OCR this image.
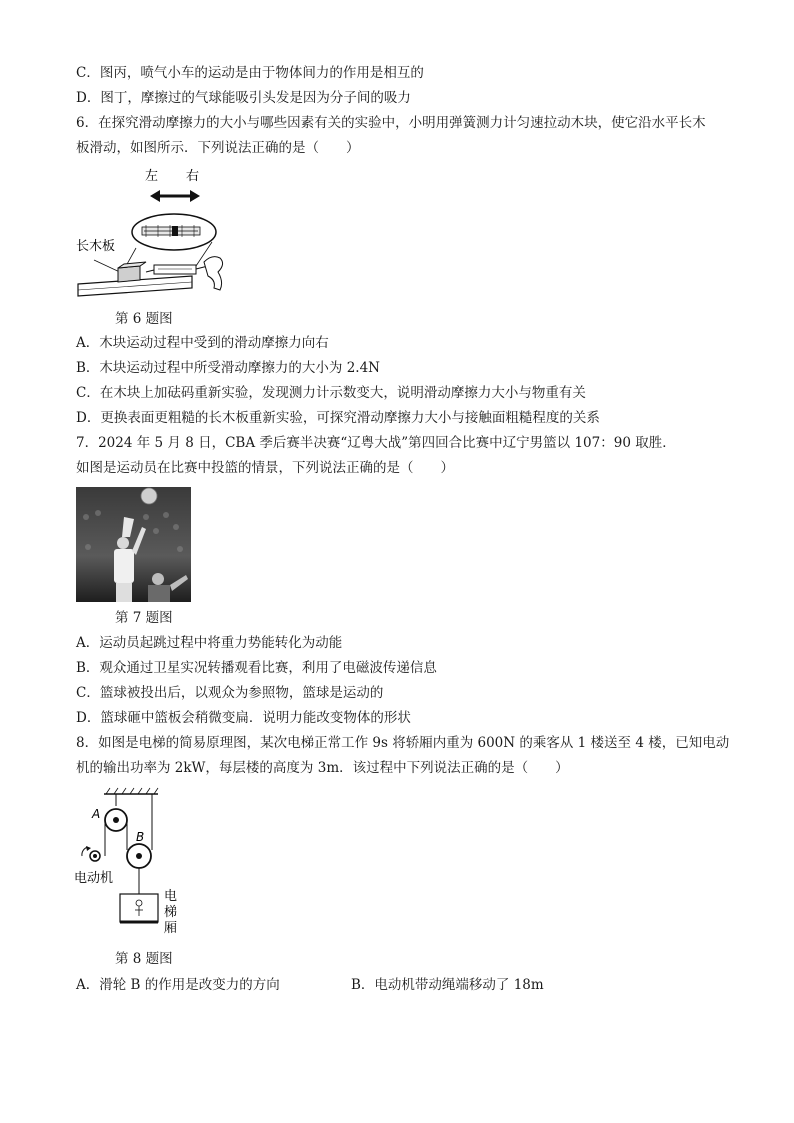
C．图丙，喷气小车的运动是由于物体间力的作用是相互的
D．图丁，摩擦过的气球能吸引头发是因为分子间的吸力
6．在探究滑动摩擦力的大小与哪些因素有关的实验中，小明用弹簧测力计匀速拉动木块，使它沿水平长木
板滑动，如图所示．下列说法正确的是（　　）
左 右
长木板
第 6 题图
A．木块运动过程中受到的滑动摩擦力向右
B．木块运动过程中所受滑动摩擦力的大小为 2.4N
C．在木块上加砝码重新实验，发现测力计示数变大，说明滑动摩擦力大小与物重有关
D．更换表面更粗糙的长木板重新实验，可探究滑动摩擦力大小与接触面粗糙程度的关系
7．2024 年 5 月 8 日，CBA 季后赛半决赛“辽粤大战”第四回合比赛中辽宁男篮以 107：90 取胜．
如图是运动员在比赛中投篮的情景，下列说法正确的是（　　）
第 7 题图
A．运动员起跳过程中将重力势能转化为动能
B．观众通过卫星实况转播观看比赛，利用了电磁波传递信息
C．篮球被投出后，以观众为参照物，篮球是运动的
D．篮球砸中篮板会稍微变扁．说明力能改变物体的形状
8．如图是电梯的简易原理图，某次电梯正常工作 9s 将轿厢内重为 600N 的乘客从 1 楼送至 4 楼，已知电动
机的输出功率为 2kW，每层楼的高度为 3m．该过程中下列说法正确的是（　　）
A
B
电动机
电
梯
厢
第 8 题图
A．滑轮 B 的作用是改变力的方向	B．电动机带动绳端移动了 18m
